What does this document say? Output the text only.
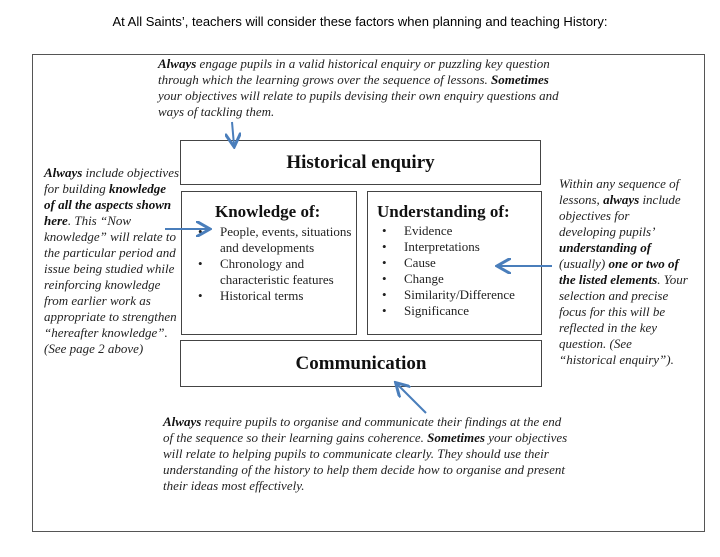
At All Saints’, teachers will consider these factors when planning and teaching History:
Always engage pupils in a valid historical enquiry or puzzling key question through which the learning grows over the sequence of lessons. Sometimes your objectives will relate to pupils devising their own enquiry questions and ways of tackling them.
Always include objectives for building knowledge of all the aspects shown here. This “Now knowledge” will relate to the particular period and issue being studied while reinforcing knowledge from earlier work as appropriate to strengthen “hereafter knowledge”. (See page 2 above)
Within any sequence of lessons, always include objectives for developing pupils’ understanding of (usually) one or two of the listed elements. Your selection and precise focus for this will be reflected in the key question. (See “historical enquiry”).
Always require pupils to organise and communicate their findings at the end of the sequence so their learning gains coherence. Sometimes your objectives will relate to helping pupils to communicate clearly. They should use their understanding of the history to help them decide how to organise and present their ideas most effectively.
Historical enquiry
Knowledge of:
• People, events, situations and developments
• Chronology and characteristic features
• Historical terms
Understanding of:
• Evidence
• Interpretations
• Cause
• Change
• Similarity/Difference
• Significance
Communication
